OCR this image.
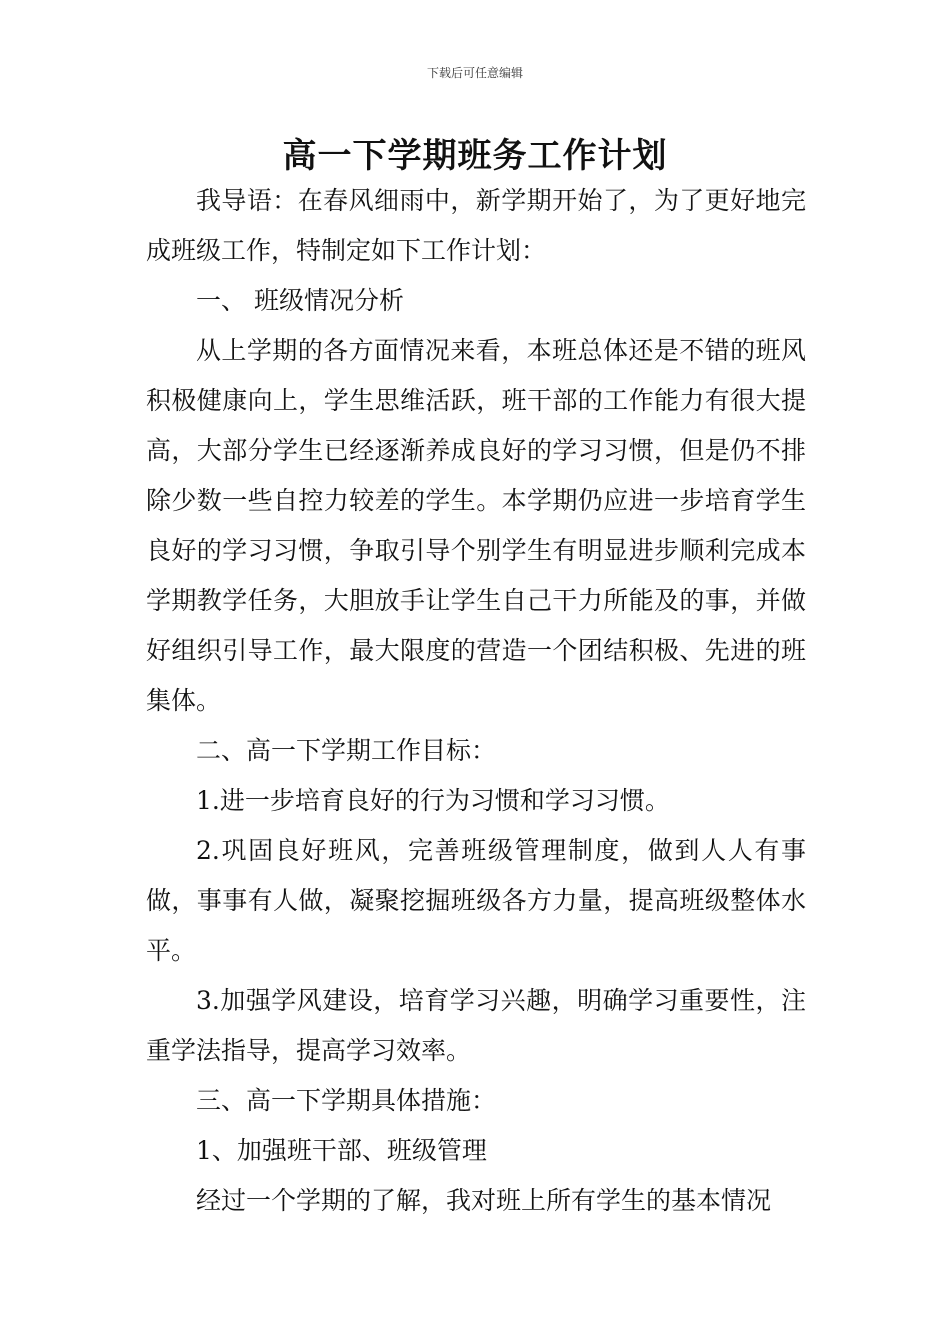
下载后可任意编辑
高一下学期班务工作计划

我导语：在春风细雨中，新学期开始了，为了更好地完成班级工作，特制定如下工作计划：

一、 班级情况分析

从上学期的各方面情况来看，本班总体还是不错的班风积极健康向上，学生思维活跃，班干部的工作能力有很大提高，大部分学生已经逐渐养成良好的学习习惯，但是仍不排除少数一些自控力较差的学生。本学期仍应进一步培育学生良好的学习习惯，争取引导个别学生有明显进步顺利完成本学期教学任务，大胆放手让学生自己干力所能及的事，并做好组织引导工作，最大限度的营造一个团结积极、先进的班集体。

二、高一下学期工作目标：

1.进一步培育良好的行为习惯和学习习惯。

2.巩固良好班风，完善班级管理制度，做到人人有事做，事事有人做，凝聚挖掘班级各方力量，提高班级整体水平。

3.加强学风建设，培育学习兴趣，明确学习重要性，注重学法指导，提高学习效率。

三、高一下学期具体措施：

1、加强班干部、班级管理

经过一个学期的了解，我对班上所有学生的基本情况
